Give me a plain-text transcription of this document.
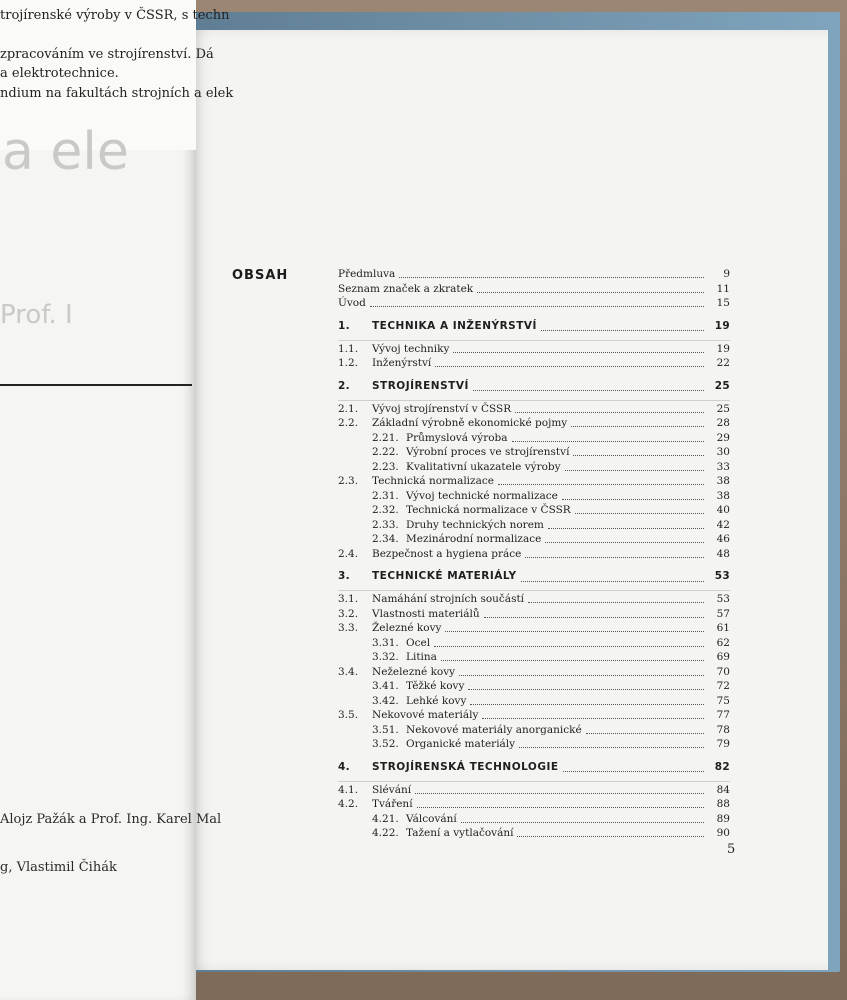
trojírenské výroby v ČSSR, s techn
zpracováním ve strojírenství. Dá
a elektrotechnice.
ndium na fakultách strojních a elek
a ele
Prof. I
Alojz Pažák a Prof. Ing. Karel Mal
g, Vlastimil Čihák
OBSAH	Předmluva	9
Seznam značek a zkratek	11
Úvod	15
1.	TECHNIKA A INŽENÝRSTVÍ	19
1.1.	Vývoj techniky	19
1.2.	Inženýrství	22
2.	STROJÍRENSTVÍ	25
2.1.	Vývoj strojírenství v ČSSR	25
2.2.	Základní výrobně ekonomické pojmy	28
2.21. Průmyslová výroba	29
2.22. Výrobní proces ve strojírenství	30
2.23. Kvalitativní ukazatele výroby	33
2.3.	Technická normalizace	38
2.31. Vývoj technické normalizace	38
2.32. Technická normalizace v ČSSR	40
2.33. Druhy technických norem	42
2.34. Mezinárodní normalizace	46
2.4.	Bezpečnost a hygiena práce	48
3.	TECHNICKÉ MATERIÁLY	53
3.1.	Namáhání strojních součástí	53
3.2.	Vlastnosti materiálů	57
3.3.	Železné kovy	61
3.31. Ocel	62
3.32. Litina	69
3.4.	Neželezné kovy	70
3.41. Těžké kovy	72
3.42. Lehké kovy	75
3.5.	Nekovové materiály	77
3.51. Nekovové materiály anorganické	78
3.52. Organické materiály	79
4.	STROJÍRENSKÁ TECHNOLOGIE	82
4.1.	Slévání	84
4.2.	Tváření	88
4.21. Válcování	89
4.22. Tažení a vytlačování	90
5
